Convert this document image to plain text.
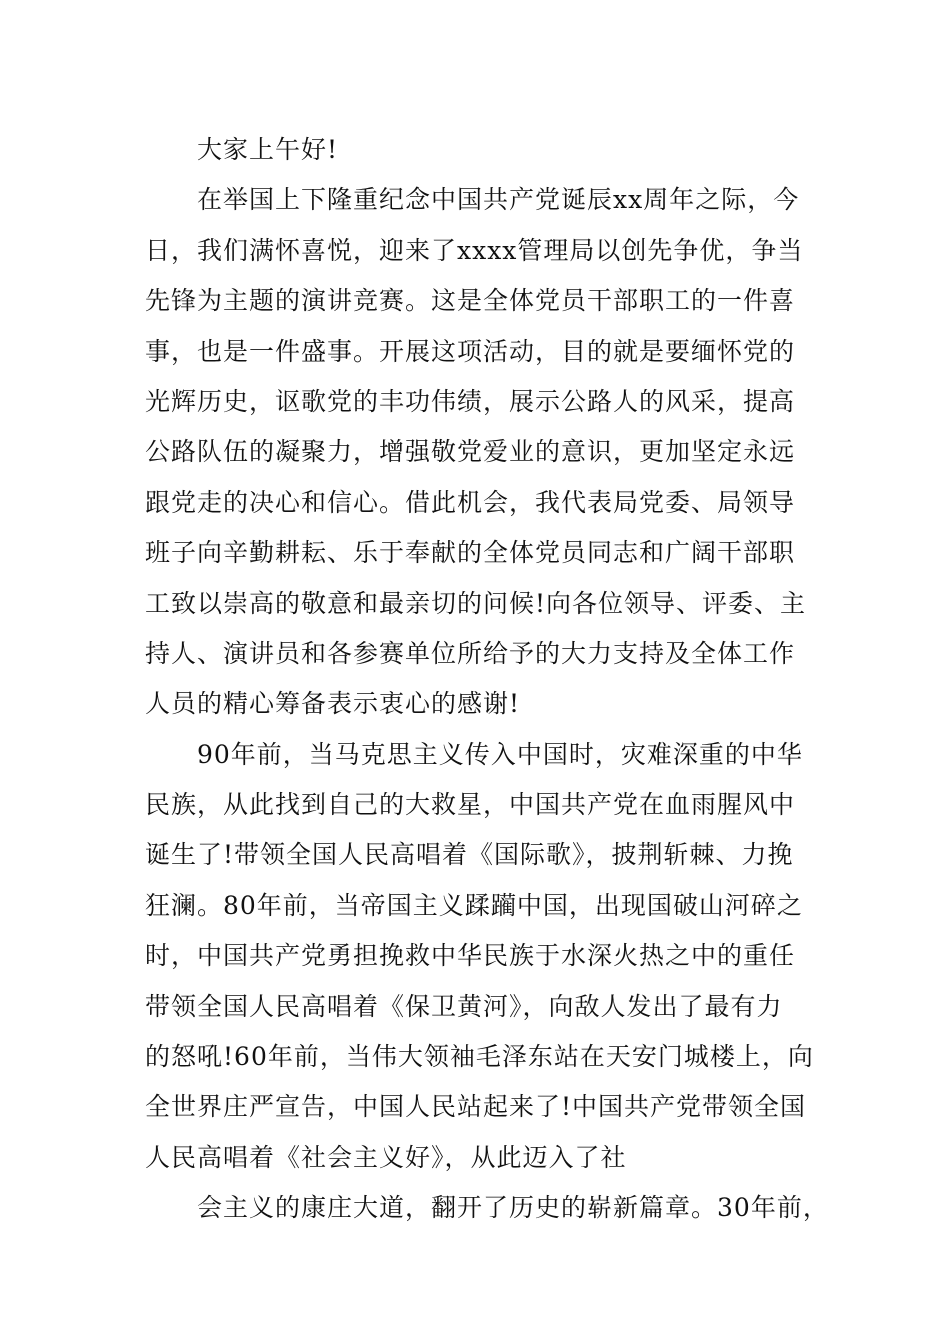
大家上午好!
在举国上下隆重纪念中国共产党诞辰xx周年之际，今
日，我们满怀喜悦，迎来了xxxx管理局以创先争优，争当
先锋为主题的演讲竞赛。这是全体党员干部职工的一件喜
事，也是一件盛事。开展这项活动，目的就是要缅怀党的
光辉历史，讴歌党的丰功伟绩，展示公路人的风采，提高
公路队伍的凝聚力，增强敬党爱业的意识，更加坚定永远
跟党走的决心和信心。借此机会，我代表局党委、局领导
班子向辛勤耕耘、乐于奉献的全体党员同志和广阔干部职
工致以崇高的敬意和最亲切的问候!向各位领导、评委、主
持人、演讲员和各参赛单位所给予的大力支持及全体工作
人员的精心筹备表示衷心的感谢!
90年前，当马克思主义传入中国时，灾难深重的中华
民族，从此找到自己的大救星，中国共产党在血雨腥风中
诞生了!带领全国人民高唱着《国际歌》，披荆斩棘、力挽
狂澜。80年前，当帝国主义蹂躏中国，出现国破山河碎之
时，中国共产党勇担挽救中华民族于水深火热之中的重任
带领全国人民高唱着《保卫黄河》，向敌人发出了最有力
的怒吼!60年前，当伟大领袖毛泽东站在天安门城楼上，向
全世界庄严宣告，中国人民站起来了!中国共产党带领全国
人民高唱着《社会主义好》，从此迈入了社
会主义的康庄大道，翻开了历史的崭新篇章。30年前，
